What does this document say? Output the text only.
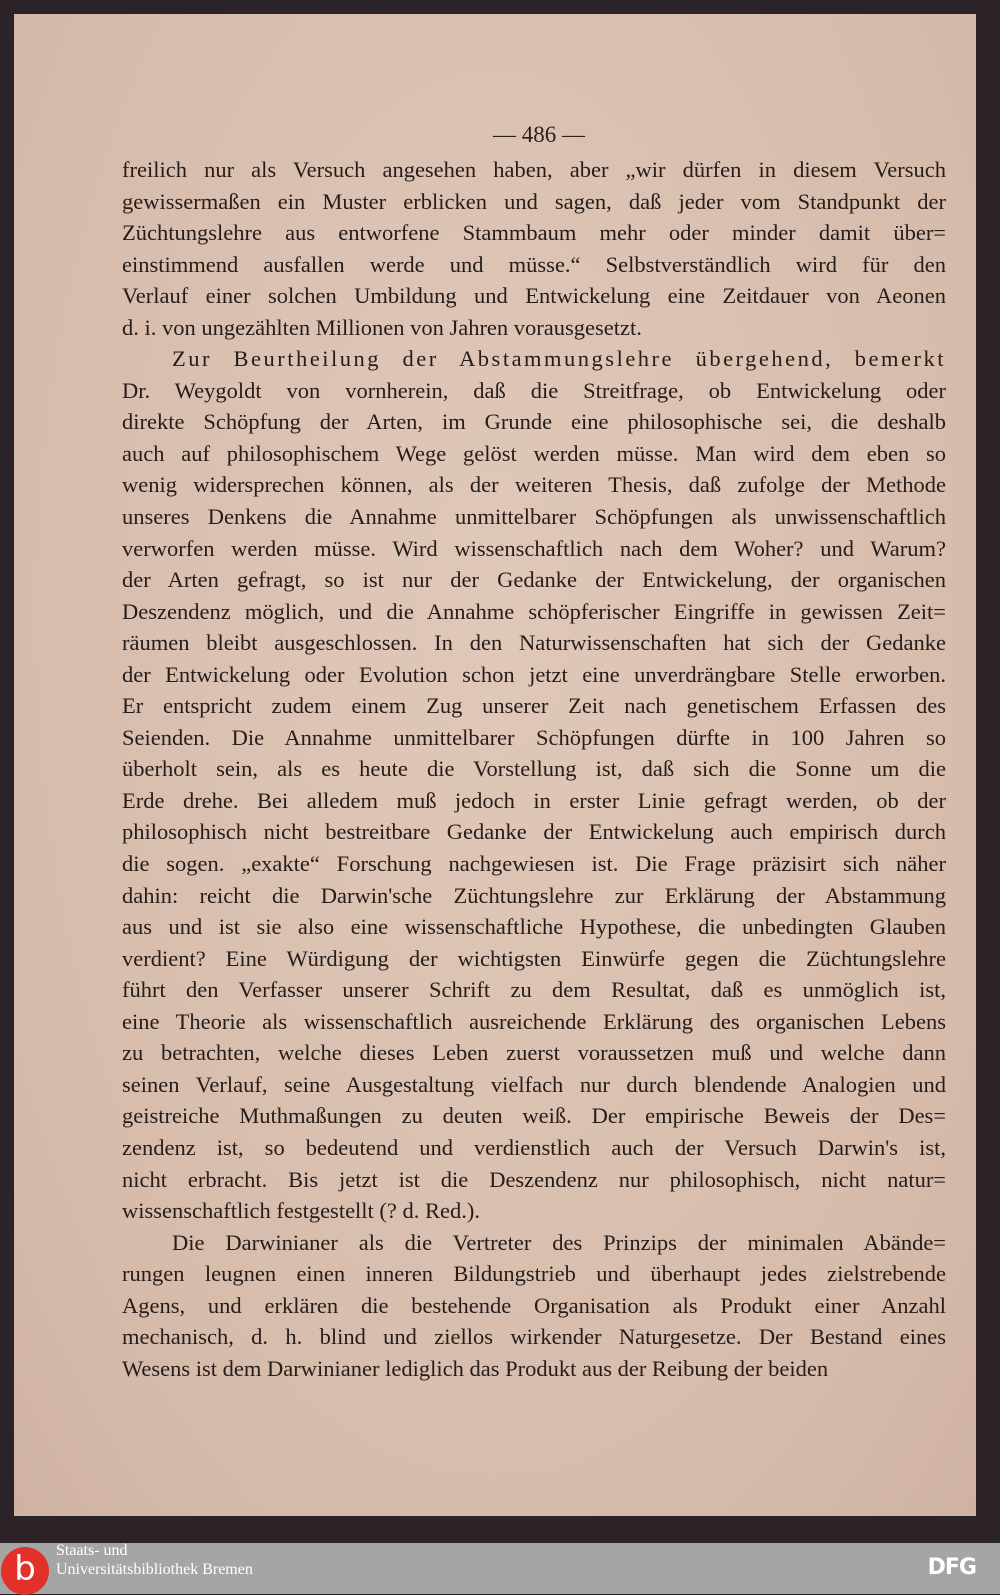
— 486 —
freilich nur als Versuch angesehen haben, aber „wir dürfen in diesem Versuch
gewissermaßen ein Muster erblicken und sagen, daß jeder vom Standpunkt der
Züchtungslehre aus entworfene Stammbaum mehr oder minder damit über=
einstimmend ausfallen werde und müsse.“ Selbstverständlich wird für den
Verlauf einer solchen Umbildung und Entwickelung eine Zeitdauer von Aeonen
d. i. von ungezählten Millionen von Jahren vorausgesetzt.
Zur Beurtheilung der Abstammungslehre übergehend, bemerkt
Dr. Weygoldt von vornherein, daß die Streitfrage, ob Entwickelung oder
direkte Schöpfung der Arten, im Grunde eine philosophische sei, die deshalb
auch auf philosophischem Wege gelöst werden müsse. Man wird dem eben so
wenig widersprechen können, als der weiteren Thesis, daß zufolge der Methode
unseres Denkens die Annahme unmittelbarer Schöpfungen als unwissenschaftlich
verworfen werden müsse. Wird wissenschaftlich nach dem Woher? und Warum?
der Arten gefragt, so ist nur der Gedanke der Entwickelung, der organischen
Deszendenz möglich, und die Annahme schöpferischer Eingriffe in gewissen Zeit=
räumen bleibt ausgeschlossen. In den Naturwissenschaften hat sich der Gedanke
der Entwickelung oder Evolution schon jetzt eine unverdrängbare Stelle erworben.
Er entspricht zudem einem Zug unserer Zeit nach genetischem Erfassen des
Seienden. Die Annahme unmittelbarer Schöpfungen dürfte in 100 Jahren so
überholt sein, als es heute die Vorstellung ist, daß sich die Sonne um die
Erde drehe. Bei alledem muß jedoch in erster Linie gefragt werden, ob der
philosophisch nicht bestreitbare Gedanke der Entwickelung auch empirisch durch
die sogen. „exakte“ Forschung nachgewiesen ist. Die Frage präzisirt sich näher
dahin: reicht die Darwin'sche Züchtungslehre zur Erklärung der Abstammung
aus und ist sie also eine wissenschaftliche Hypothese, die unbedingten Glauben
verdient? Eine Würdigung der wichtigsten Einwürfe gegen die Züchtungslehre
führt den Verfasser unserer Schrift zu dem Resultat, daß es unmöglich ist,
eine Theorie als wissenschaftlich ausreichende Erklärung des organischen Lebens
zu betrachten, welche dieses Leben zuerst voraussetzen muß und welche dann
seinen Verlauf, seine Ausgestaltung vielfach nur durch blendende Analogien und
geistreiche Muthmaßungen zu deuten weiß. Der empirische Beweis der Des=
zendenz ist, so bedeutend und verdienstlich auch der Versuch Darwin's ist,
nicht erbracht. Bis jetzt ist die Deszendenz nur philosophisch, nicht natur=
wissenschaftlich festgestellt (? d. Red.).
Die Darwinianer als die Vertreter des Prinzips der minimalen Abände=
rungen leugnen einen inneren Bildungstrieb und überhaupt jedes zielstrebende
Agens, und erklären die bestehende Organisation als Produkt einer Anzahl
mechanisch, d. h. blind und ziellos wirkender Naturgesetze. Der Bestand eines
Wesens ist dem Darwinianer lediglich das Produkt aus der Reibung der beiden
b	Staats- und
Universitätsbibliothek Bremen	DFG
